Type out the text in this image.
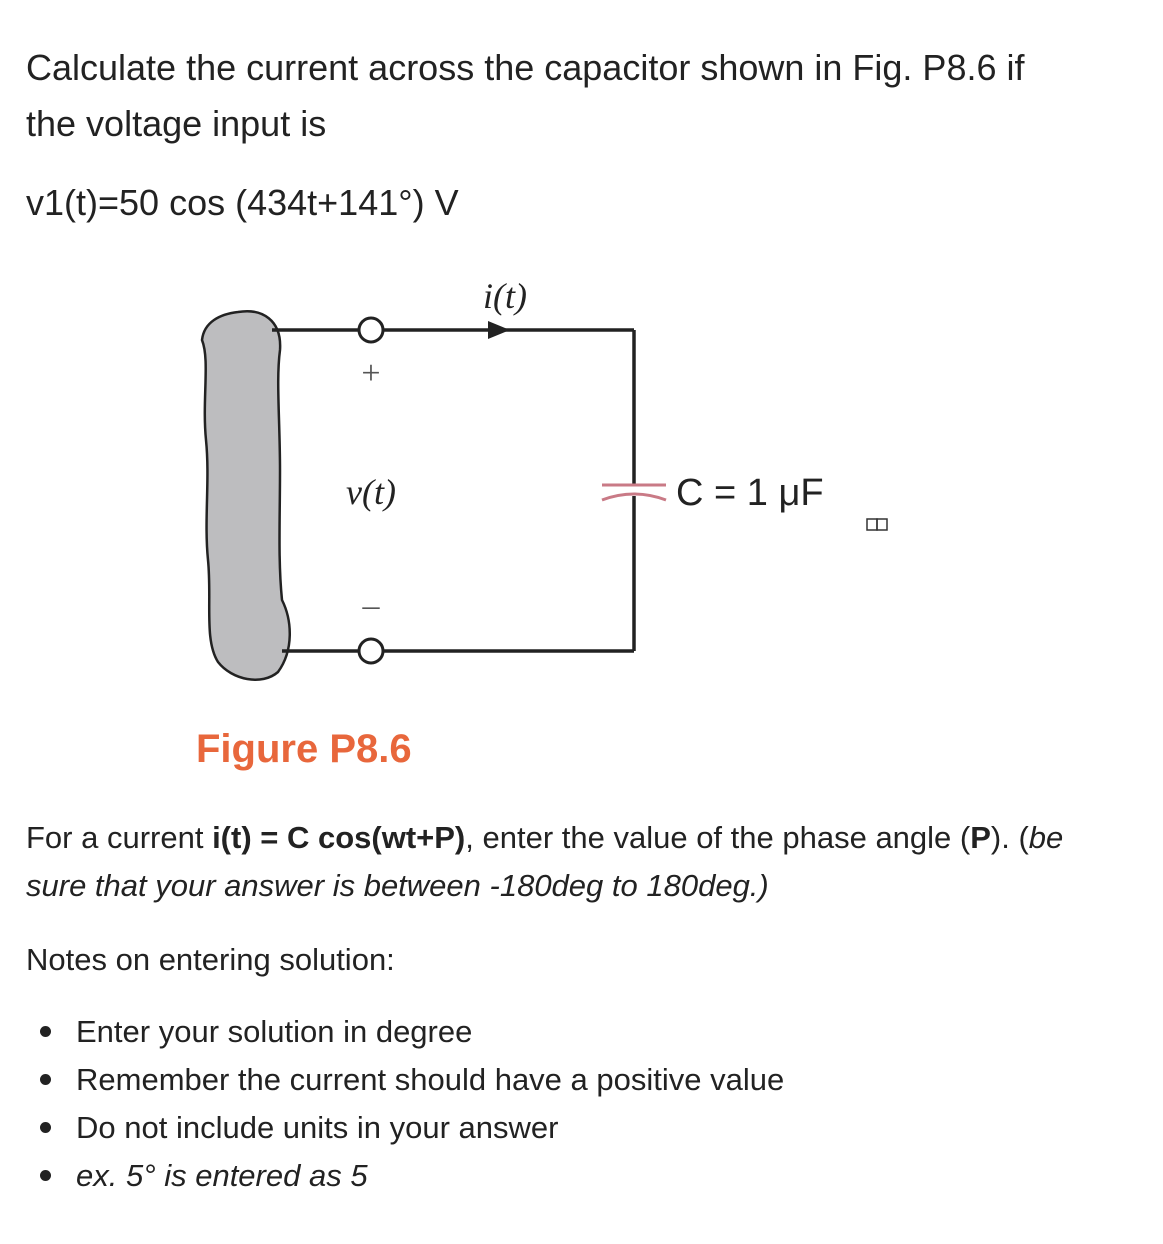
Calculate the current across the capacitor shown in Fig. P8.6 if
the voltage input is

v1(t)=50 cos (434t+141°) V

i(t)
+
v(t)
–
C = 1 μF
Figure P8.6

For a current i(t) = C cos(wt+P), enter the value of the phase angle (P). (be sure that your answer is between -180deg to 180deg.)

Notes on entering solution:

Enter your solution in degree
Remember the current should have a positive value
Do not include units in your answer
ex. 5° is entered as 5
